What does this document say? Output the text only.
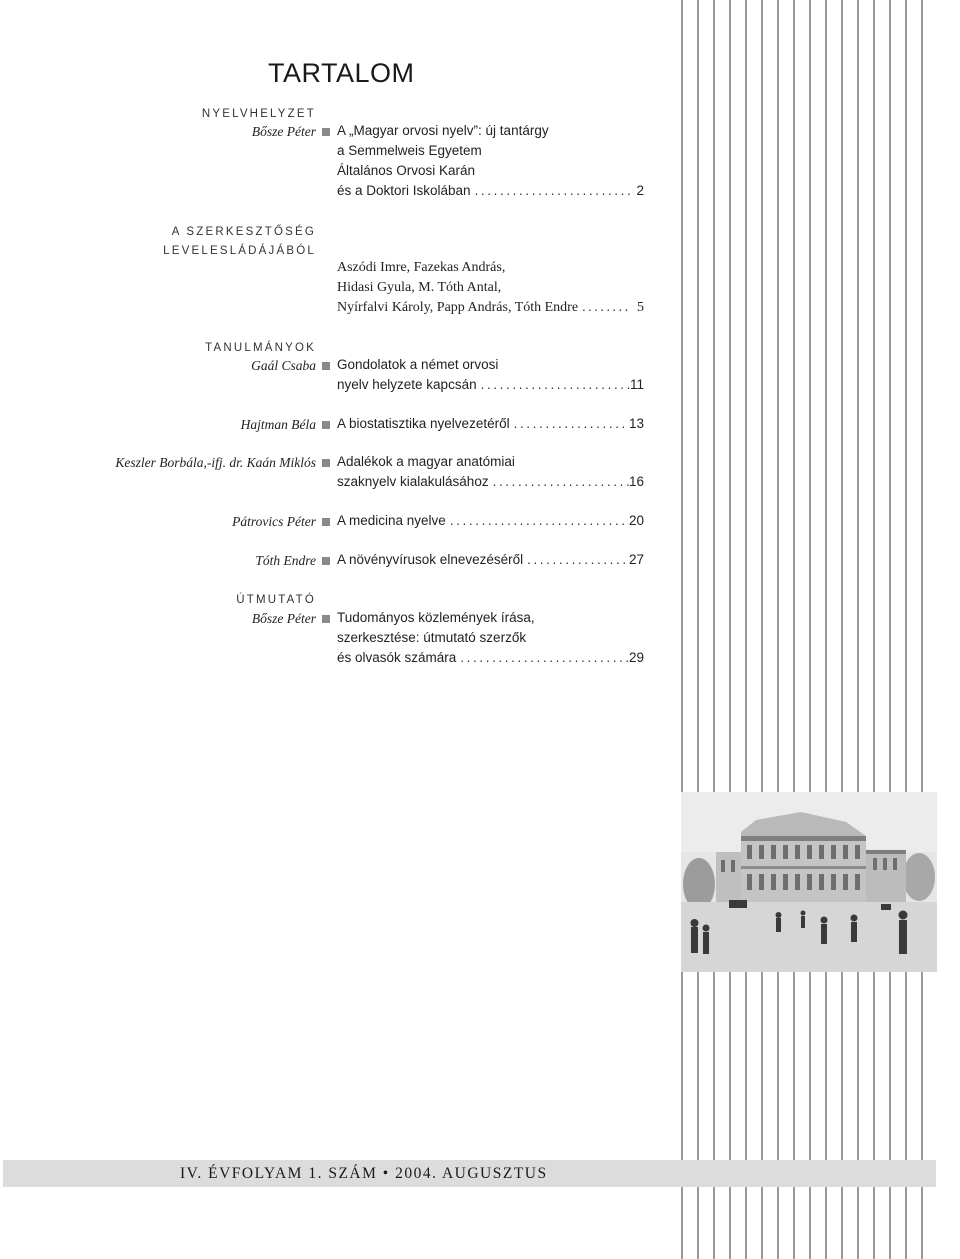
TARTALOM
NYELVHELYZET
A SZERKESZTŐSÉG
LEVELESLÁDÁJÁBÓL
TANULMÁNYOK
ÚTMUTATÓ
Bősze Péter A „Magyar orvosi nyelv”: új tantárgy
a Semmelweis Egyetem
Általános Orvosi Karán
és a Doktori Iskolában .....	2
Aszódi Imre, Fazekas András,
Hidasi Gyula, M. Tóth Antal,
Nyírfalvi Károly, Papp András, Tóth Endre .....	5
Gaál Csaba Gondolatok a német orvosi
nyelv helyzete kapcsán .....	11
Hajtman Béla A biostatisztika nyelvezetéről .....	13
Keszler Borbála,-ifj. dr. Kaán Miklós Adalékok a magyar anatómiai
szaknyelv kialakulásához .....	16
Pátrovics Péter A medicina nyelve .....	20
Tóth Endre A növényvírusok elnevezéséről .....	27
Bősze Péter Tudományos közlemények írása,
szerkesztése: útmutató szerzők
és olvasók számára .....	29
IV. ÉVFOLYAM 1. SZÁM • 2004. AUGUSZTUS
